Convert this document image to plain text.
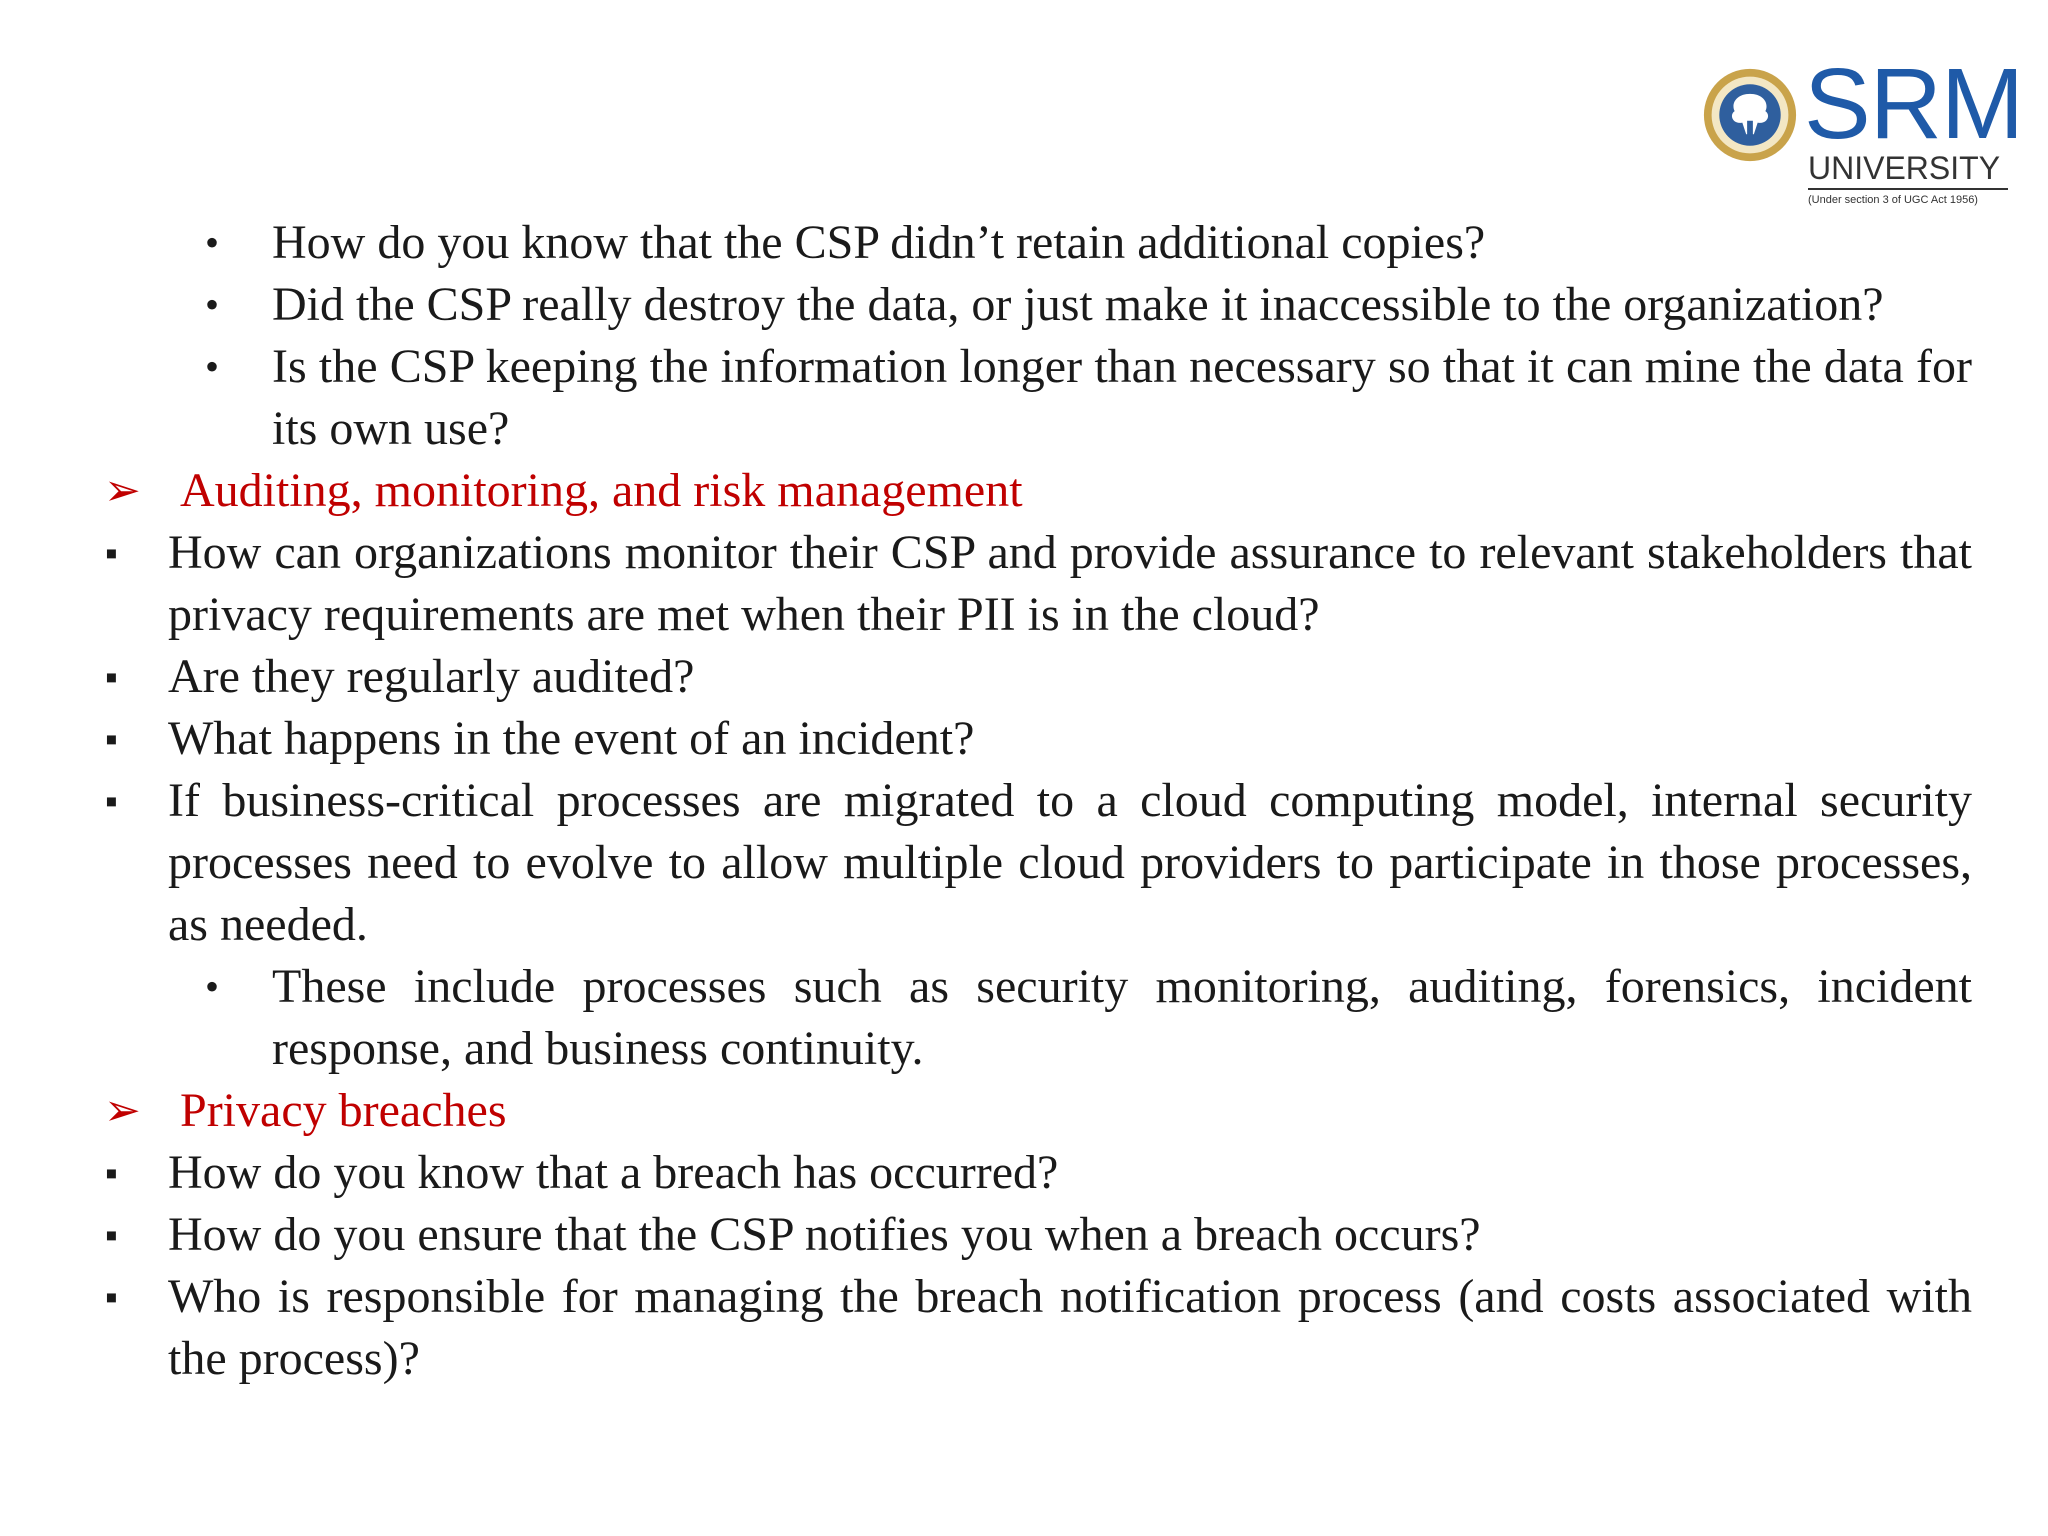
SRM
UNIVERSITY
(Under section 3 of UGC Act 1956)

• How do you know that the CSP didn’t retain additional copies?

• Did the CSP really destroy the data, or just make it inaccessible to the organization?

• Is the CSP keeping the information longer than necessary so that it can mine the data for its own use?

➢ Auditing, monitoring, and risk management

▪ How can organizations monitor their CSP and provide assurance to relevant stakeholders that privacy requirements are met when their PII is in the cloud?

▪ Are they regularly audited?

▪ What happens in the event of an incident?

▪ If business-critical processes are migrated to a cloud computing model, internal security processes need to evolve to allow multiple cloud providers to participate in those processes, as needed.

• These include processes such as security monitoring, auditing, forensics, incident response, and business continuity.

➢ Privacy breaches

▪ How do you know that a breach has occurred?

▪ How do you ensure that the CSP notifies you when a breach occurs?

▪ Who is responsible for managing the breach notification process (and costs associated with the process)?
